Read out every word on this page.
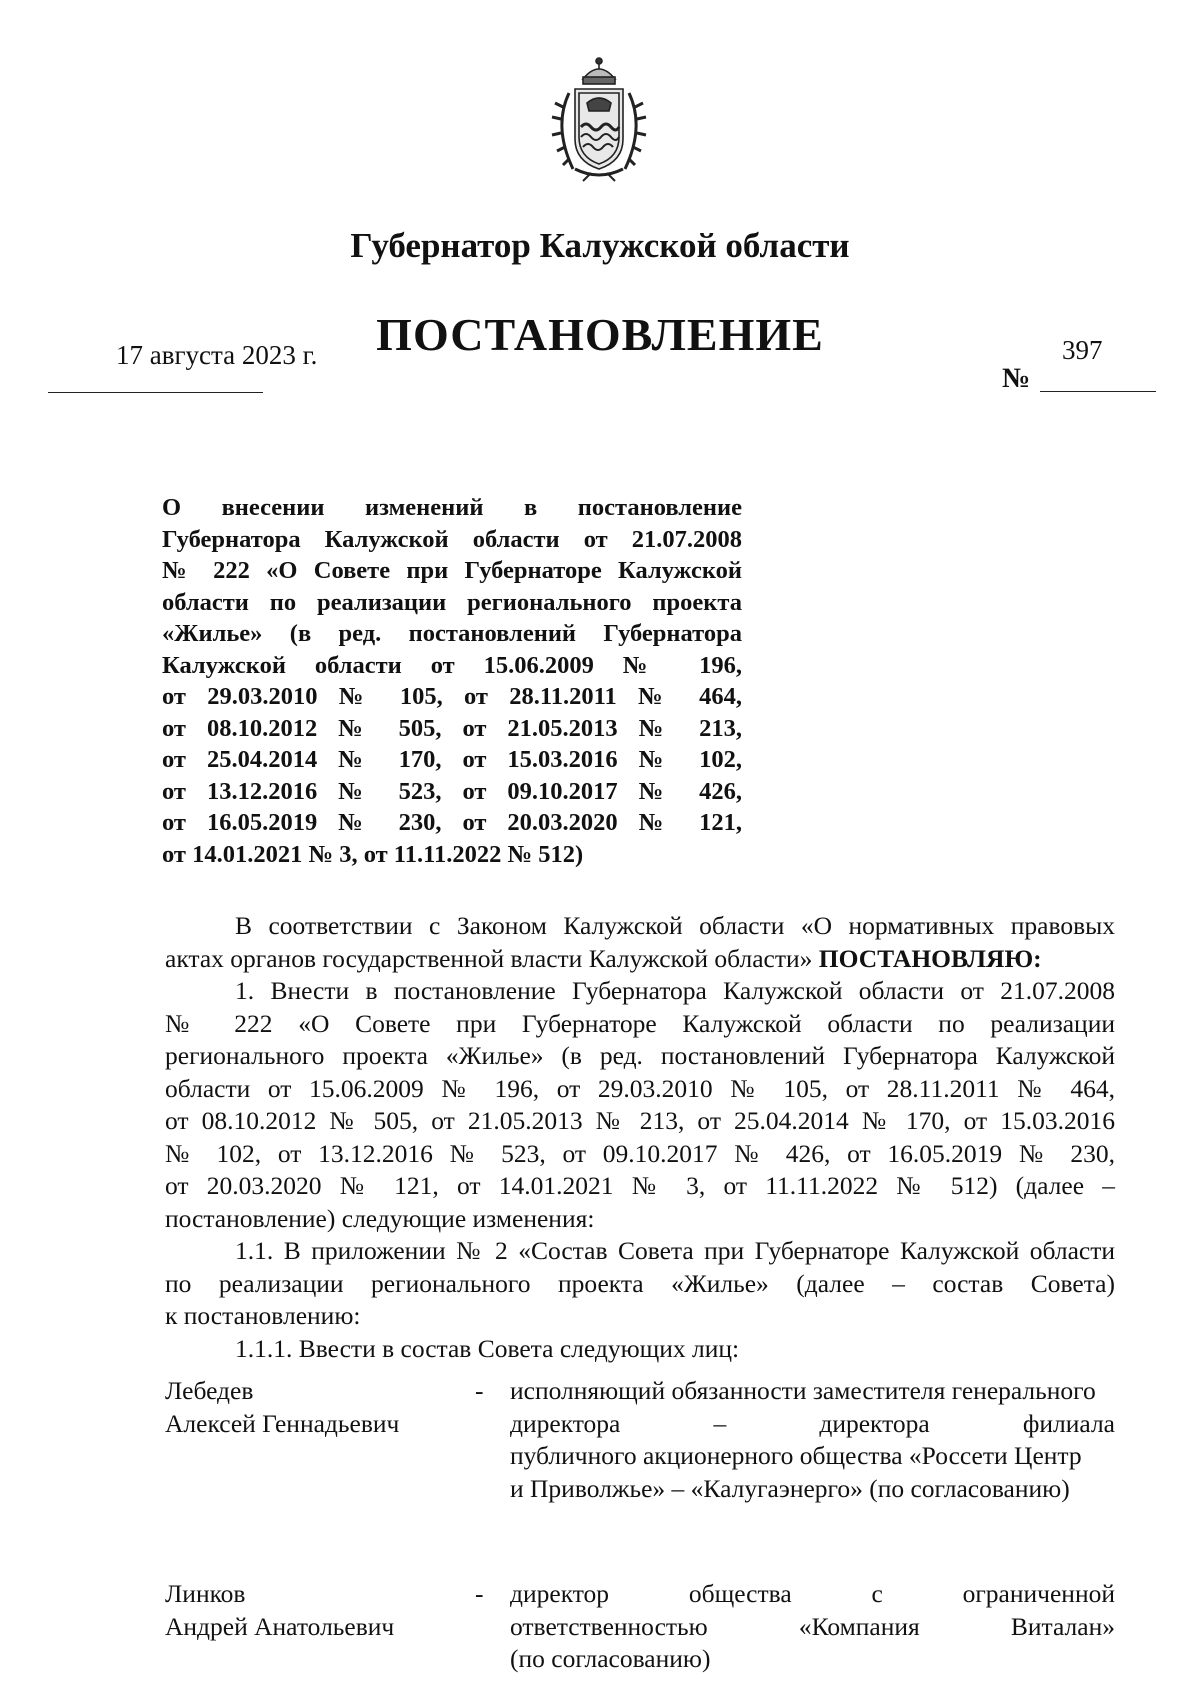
Губернатор Калужской области
ПОСТАНОВЛЕНИЕ
17 августа 2023 г.	397
№
О внесении изменений в постановление
Губернатора Калужской области от 21.07.2008
№ 222 «О Совете при Губернаторе Калужской
области по реализации регионального проекта
«Жилье» (в ред. постановлений Губернатора
Калужской области от 15.06.2009 № 196,
от 29.03.2010 № 105, от 28.11.2011 № 464,
от 08.10.2012 № 505, от 21.05.2013 № 213,
от 25.04.2014 № 170, от 15.03.2016 № 102,
от 13.12.2016 № 523, от 09.10.2017 № 426,
от 16.05.2019 № 230, от 20.03.2020 № 121,
от 14.01.2021 № 3, от 11.11.2022 № 512)
В соответствии с Законом Калужской области «О нормативных правовых
актах органов государственной власти Калужской области» ПОСТАНОВЛЯЮ:
1. Внести в постановление Губернатора Калужской области от 21.07.2008
№ 222 «О Совете при Губернаторе Калужской области по реализации
регионального проекта «Жилье» (в ред. постановлений Губернатора Калужской
области от 15.06.2009 № 196, от 29.03.2010 № 105, от 28.11.2011 № 464,
от 08.10.2012 № 505, от 21.05.2013 № 213, от 25.04.2014 № 170, от 15.03.2016
№ 102, от 13.12.2016 № 523, от 09.10.2017 № 426, от 16.05.2019 № 230,
от 20.03.2020 № 121, от 14.01.2021 № 3, от 11.11.2022 № 512) (далее –
постановление) следующие изменения:
1.1. В приложении № 2 «Состав Совета при Губернаторе Калужской области
по реализации регионального проекта «Жилье» (далее – состав Совета)
к постановлению:
1.1.1. Ввести в состав Совета следующих лиц:
Лебедев
Алексей Геннадьевич
- исполняющий обязанности заместителя генерального
директора – директора филиала
публичного акционерного общества «Россети Центр
и Приволжье» – «Калугаэнерго» (по согласованию)
Линков
Андрей Анатольевич
- директор общества с ограниченной
ответственностью «Компания Виталан»
(по согласованию)
